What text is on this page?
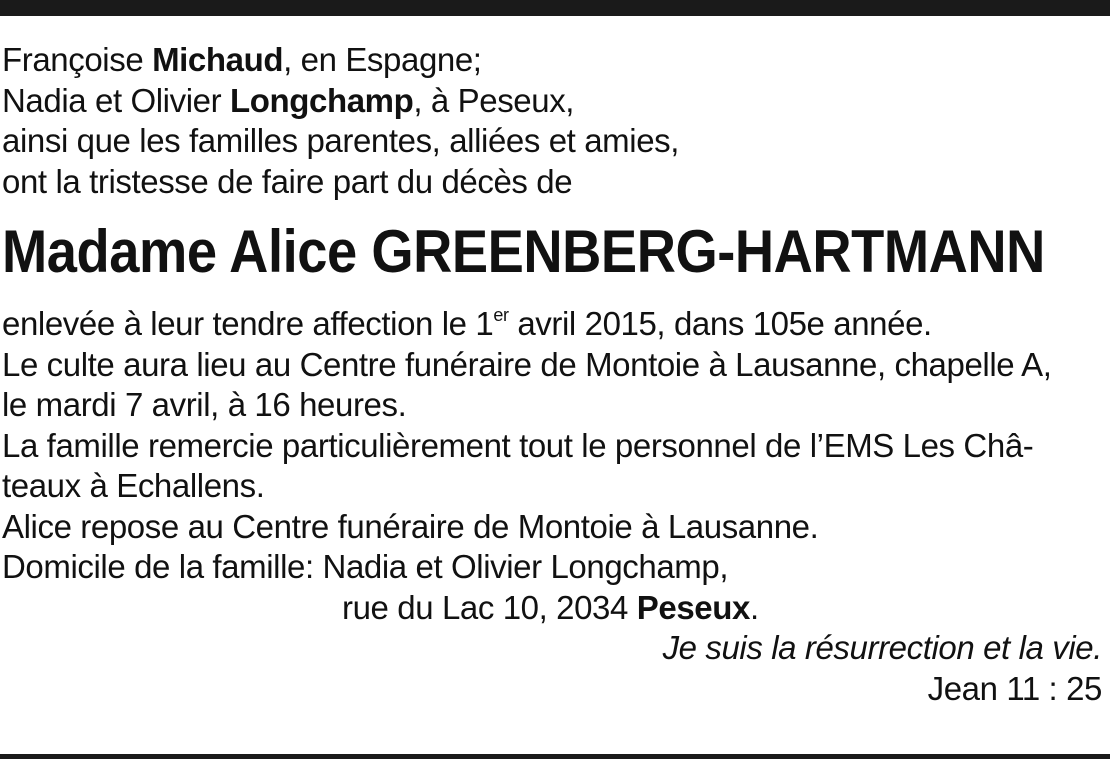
Françoise Michaud, en Espagne;
Nadia et Olivier Longchamp, à Peseux,
ainsi que les familles parentes, alliées et amies,
ont la tristesse de faire part du décès de
Madame Alice GREENBERG-HARTMANN
enlevée à leur tendre affection le 1er avril 2015, dans 105e année.
Le culte aura lieu au Centre funéraire de Montoie à Lausanne, chapelle A,
le mardi 7 avril, à 16 heures.
La famille remercie particulièrement tout le personnel de l’EMS Les Châ-
teaux à Echallens.
Alice repose au Centre funéraire de Montoie à Lausanne.
Domicile de la famille: Nadia et Olivier Longchamp,
rue du Lac 10, 2034 Peseux.
Je suis la résurrection et la vie.
Jean 11 : 25
